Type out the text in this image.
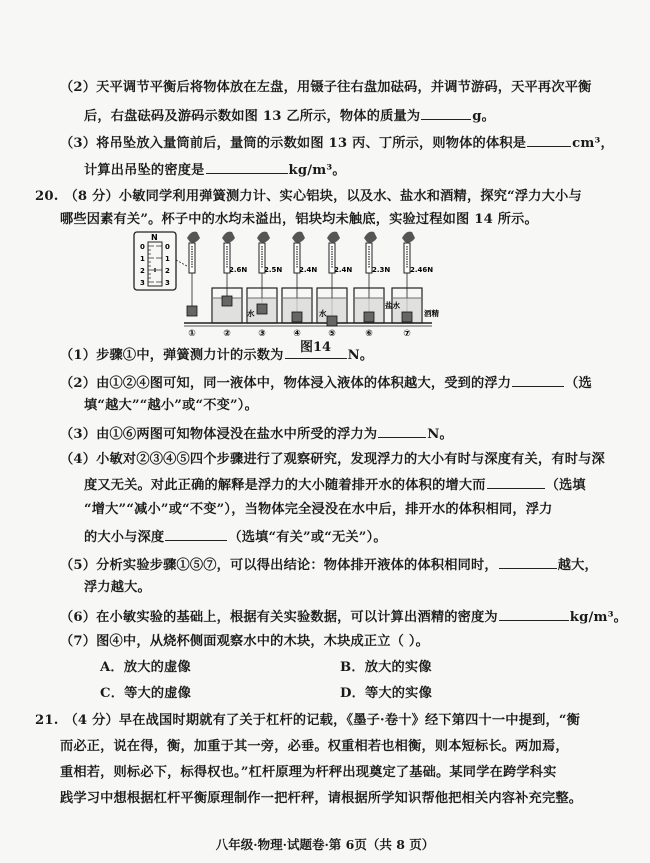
（2）天平调节平衡后将物体放在左盘，用镊子往右盘加砝码，并调节游码，天平再次平衡
后，右盘砝码及游码示数如图 13 乙所示，物体的质量为	g。
（3）将吊坠放入量筒前后，量筒的示数如图 13 丙、丁所示，则物体的体积是	cm³，
计算出吊坠的密度是	kg/m³。
20. （8 分）小敏同学利用弹簧测力计、实心铝块，以及水、盐水和酒精，探究“浮力大小与
哪些因素有关”。杯子中的水均未溢出，铝块均未触底，实验过程如图 14 所示。
N
0
1
2
3
0
1
2
3
①	②	③	④	⑤	⑥	⑦
2.6N 2.5N 2.4N 2.4N	2.3N	2.46N
水	水
盐水
酒精
图14
（1）步骤①中，弹簧测力计的示数为	N。
（2）由①②④图可知，同一液体中，物体浸入液体的体积越大，受到的浮力	（选
填“越大”“越小”或“不变”）。
（3）由①⑥两图可知物体浸没在盐水中所受的浮力为	N。
（4）小敏对②③④⑤四个步骤进行了观察研究，发现浮力的大小有时与深度有关，有时与深
度又无关。对此正确的解释是浮力的大小随着排开水的体积的增大而	（选填
“增大”“减小”或“不变”），当物体完全浸没在水中后，排开水的体积相同，浮力
的大小与深度	（选填“有关”或“无关”）。
（5）分析实验步骤①⑤⑦，可以得出结论：物体排开液体的体积相同时，	越大，
浮力越大。
（6）在小敏实验的基础上，根据有关实验数据，可以计算出酒精的密度为	kg/m³。
（7）图④中，从烧杯侧面观察水中的木块，木块成正立（ ）。
A．放大的虚像	B．放大的实像
C．等大的虚像	D．等大的实像
21. （4 分）早在战国时期就有了关于杠杆的记载，《墨子·卷十》经下第四十一中提到，“衡
而必正，说在得，衡，加重于其一旁，必垂。权重相若也相衡，则本短标长。两加焉，
重相若，则标必下，标得权也。”杠杆原理为杆秤出现奠定了基础。某同学在跨学科实
践学习中想根据杠杆平衡原理制作一把杆秤，请根据所学知识帮他把相关内容补充完整。
八年级·物理·试题卷·第 6页（共 8 页）
